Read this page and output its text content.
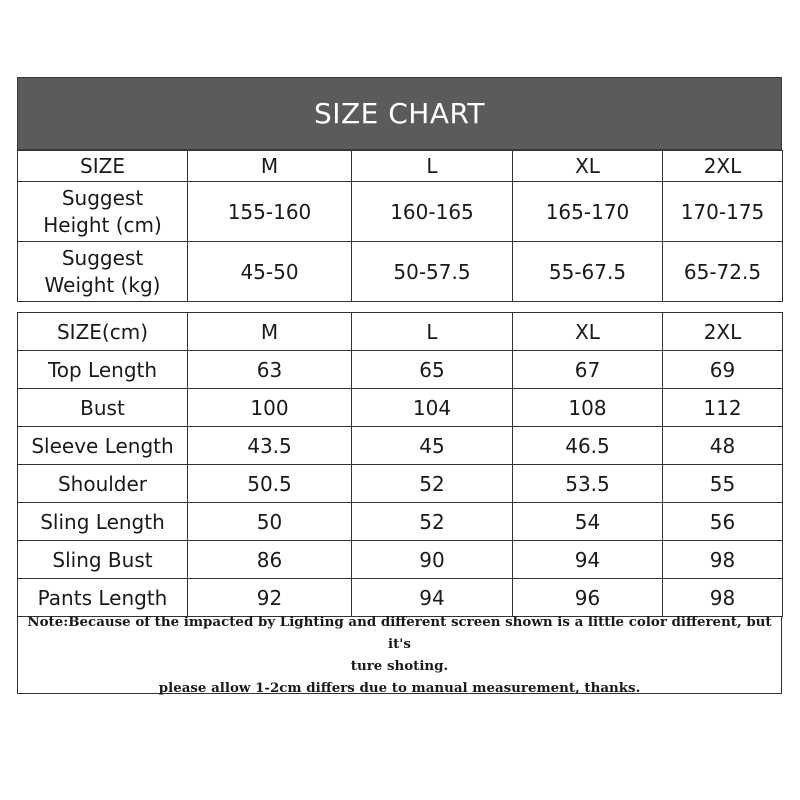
SIZE CHART
SIZE	M	L	XL	2XL

Suggest
Height (cm)	155-160	160-165	165-170	170-175

Suggest
Weight (kg)	45-50	50-57.5	55-67.5	65-72.5
SIZE(cm)	M	L	XL	2XL
Top Length	63	65	67	69
Bust	100	104	108	112
Sleeve Length	43.5	45	46.5	48
Shoulder	50.5	52	53.5	55
Sling Length	50	52	54	56
Sling Bust	86	90	94	98
Pants Length	92	94	96	98
Note:Because of the impacted by Lighting and different screen shown is a little color different, but it's
ture shoting.
please allow 1-2cm differs due to manual measurement, thanks.
